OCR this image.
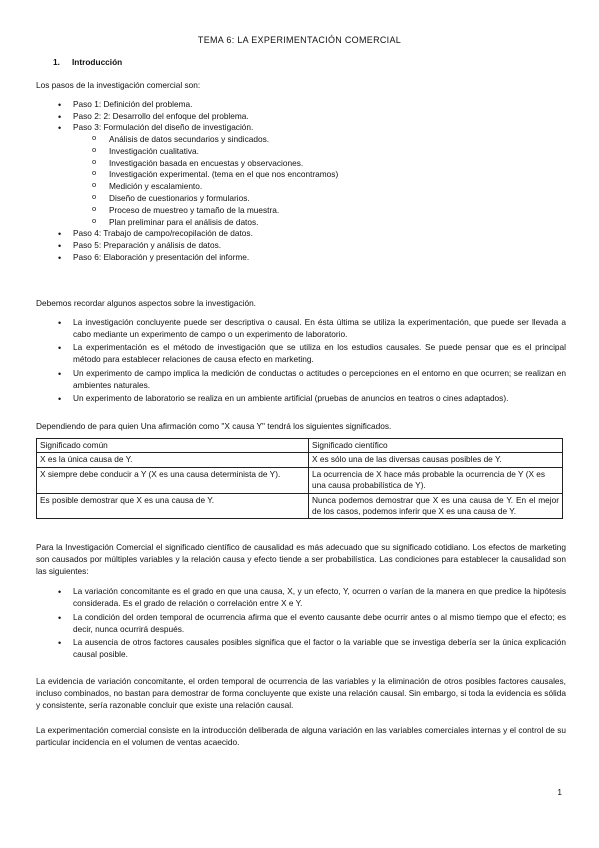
TEMA 6: LA EXPERIMENTACIÓN COMERCIAL
1. Introducción

Los pasos de la investigación comercial son:

• Paso 1: Definición del problema.
• Paso 2: 2: Desarrollo del enfoque del problema.
• Paso 3: Formulación del diseño de investigación.
o Análisis de datos secundarios y sindicados.
o Investigación cualitativa.
o Investigación basada en encuestas y observaciones.
o Investigación experimental. (tema en el que nos encontramos)
o Medición y escalamiento.
o Diseño de cuestionarios y formularios.
o Proceso de muestreo y tamaño de la muestra.
o Plan preliminar para el análisis de datos.
• Paso 4: Trabajo de campo/recopilación de datos.
• Paso 5: Preparación y análisis de datos.
• Paso 6: Elaboración y presentación del informe.

Debemos recordar algunos aspectos sobre la investigación.

• La investigación concluyente puede ser descriptiva o causal. En ésta última se utiliza la experimentación, que puede ser llevada a cabo mediante un experimento de campo o un experimento de laboratorio.
• La experimentación es el método de investigación que se utiliza en los estudios causales. Se puede pensar que es el principal método para establecer relaciones de causa efecto en marketing.
• Un experimento de campo implica la medición de conductas o actitudes o percepciones en el entorno en que ocurren; se realizan en ambientes naturales.
• Un experimento de laboratorio se realiza en un ambiente artificial (pruebas de anuncios en teatros o cines adaptados).

Dependiendo de para quien Una afirmación como "X causa Y" tendrá los siguientes significados.

Significado común	Significado científico
X es la única causa de Y.	X es sólo una de las diversas causas posibles de Y.
X siempre debe conducir a Y (X es una causa determinista de Y).	La ocurrencia de X hace más probable la ocurrencia de Y (X es una causa probabilística de Y).
Es posible demostrar que X es una causa de Y.	Nunca podemos demostrar que X es una causa de Y. En el mejor de los casos, podemos inferir que X es una causa de Y.

Para la Investigación Comercial el significado científico de causalidad es más adecuado que su significado cotidiano. Los efectos de marketing son causados por múltiples variables y la relación causa y efecto tiende a ser probabilística. Las condiciones para establecer la causalidad son las siguientes:

• La variación concomitante es el grado en que una causa, X, y un efecto, Y, ocurren o varían de la manera en que predice la hipótesis considerada. Es el grado de relación o correlación entre X e Y.
• La condición del orden temporal de ocurrencia afirma que el evento causante debe ocurrir antes o al mismo tiempo que el efecto; es decir, nunca ocurrirá después.
• La ausencia de otros factores causales posibles significa que el factor o la variable que se investiga debería ser la única explicación causal posible.
La evidencia de variación concomitante, el orden temporal de ocurrencia de las variables y la eliminación de otros posibles factores causales, incluso combinados, no bastan para demostrar de forma concluyente que existe una relación causal. Sin embargo, si toda la evidencia es sólida y consistente, sería razonable concluir que existe una relación causal.
La experimentación comercial consiste en la introducción deliberada de alguna variación en las variables comerciales internas y el control de su particular incidencia en el volumen de ventas acaecido.
1
